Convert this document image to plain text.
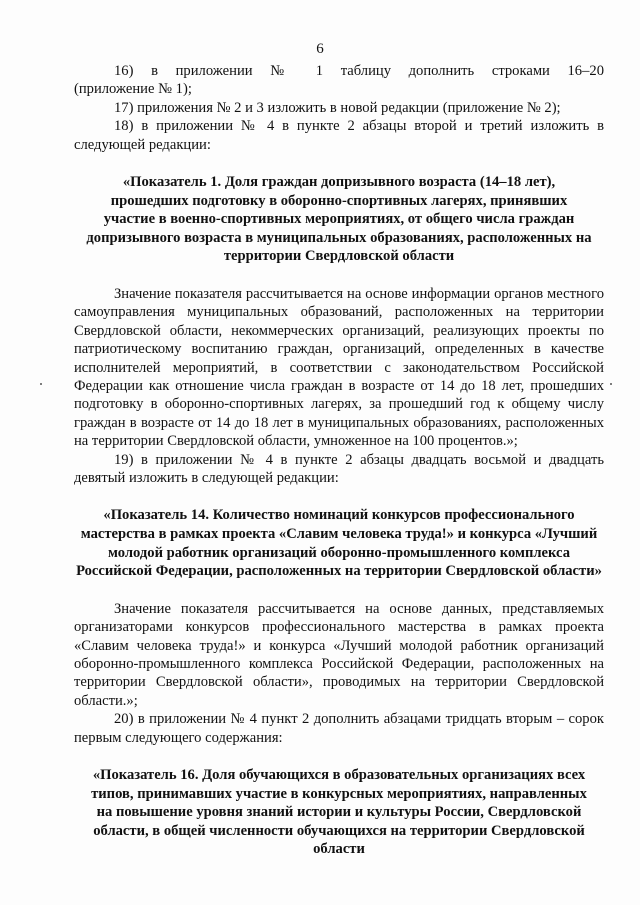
6

16) в приложении № 1 таблицу дополнить строками 16–20

(приложение № 1);

17) приложения № 2 и 3 изложить в новой редакции (приложение № 2);

18) в приложении № 4 в пункте 2 абзацы второй и третий изложить в следующей редакции:

«Показатель 1. Доля граждан допризывного возраста (14–18 лет), прошедших подготовку в оборонно-спортивных лагерях, принявших участие в военно-спортивных мероприятиях, от общего числа граждан допризывного возраста в муниципальных образованиях, расположенных на территории Свердловской области

Значение показателя рассчитывается на основе информации органов местного самоуправления муниципальных образований, расположенных на территории Свердловской области, некоммерческих организаций, реализующих проекты по патриотическому воспитанию граждан, организаций, определенных в качестве исполнителей мероприятий, в соответствии с законодательством Российской Федерации как отношение числа граждан в возрасте от 14 до 18 лет, прошедших подготовку в оборонно-спортивных лагерях, за прошедший год к общему числу граждан в возрасте от 14 до 18 лет в муниципальных образованиях, расположенных на территории Свердловской области, умноженное на 100 процентов.»;

19) в приложении № 4 в пункте 2 абзацы двадцать восьмой и двадцать девятый изложить в следующей редакции:

«Показатель 14. Количество номинаций конкурсов профессионального мастерства в рамках проекта «Славим человека труда!» и конкурса «Лучший молодой работник организаций оборонно-промышленного комплекса Российской Федерации, расположенных на территории Свердловской области»

Значение показателя рассчитывается на основе данных, представляемых организаторами конкурсов профессионального мастерства в рамках проекта «Славим человека труда!» и конкурса «Лучший молодой работник организаций оборонно-промышленного комплекса Российской Федерации, расположенных на территории Свердловской области», проводимых на территории Свердловской области.»;

20) в приложении № 4 пункт 2 дополнить абзацами тридцать вторым – сорок первым следующего содержания:

«Показатель 16. Доля обучающихся в образовательных организациях всех типов, принимавших участие в конкурсных мероприятиях, направленных на повышение уровня знаний истории и культуры России, Свердловской области, в общей численности обучающихся на территории Свердловской области
